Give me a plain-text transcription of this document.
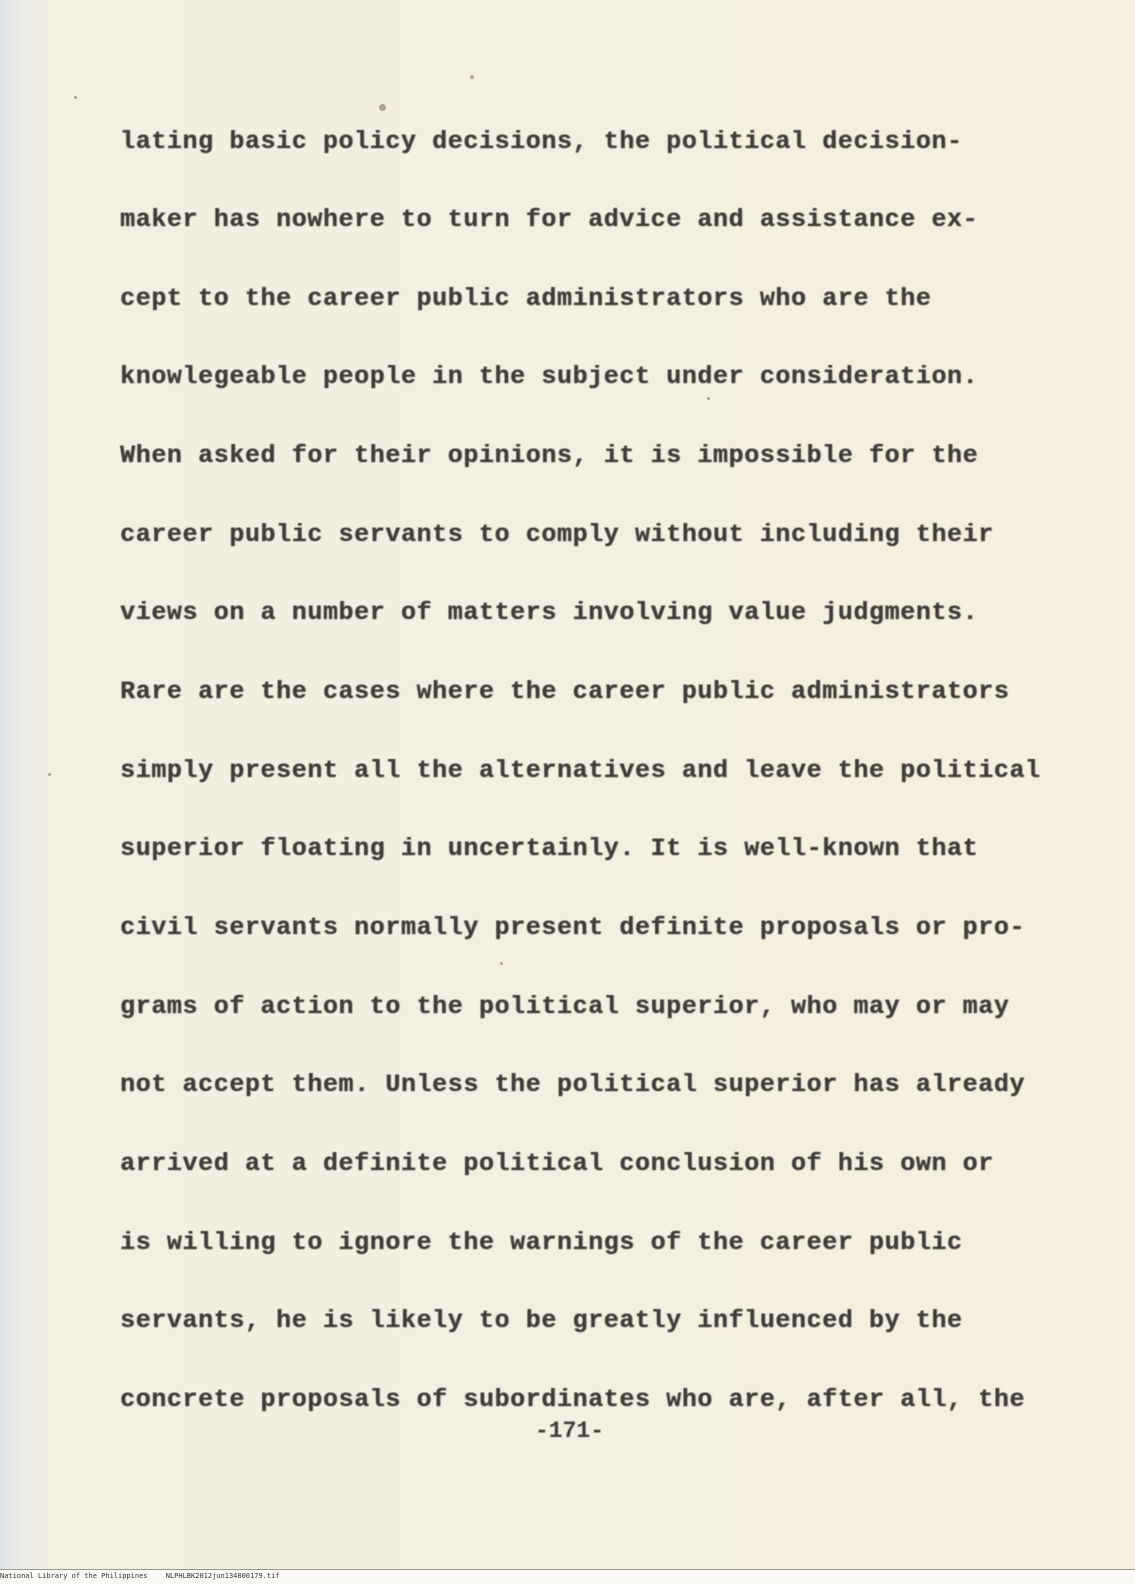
lating basic policy decisions, the political decision-
maker has nowhere to turn for advice and assistance ex-
cept to the career public administrators who are the
knowlegeable people in the subject under consideration.
When asked for their opinions, it is impossible for the
career public servants to comply without including their
views on a number of matters involving value judgments.
Rare are the cases where the career public administrators
simply present all the alternatives and leave the political
superior floating in uncertainly. It is well-known that
civil servants normally present definite proposals or pro-
grams of action to the political superior, who may or may
not accept them. Unless the political superior has already
arrived at a definite political conclusion of his own or
is willing to ignore the warnings of the career public
servants, he is likely to be greatly influenced by the
concrete proposals of subordinates who are, after all, the
-171-
National Library of the Philippines	NLPHLBK2012jun134800179.tif
